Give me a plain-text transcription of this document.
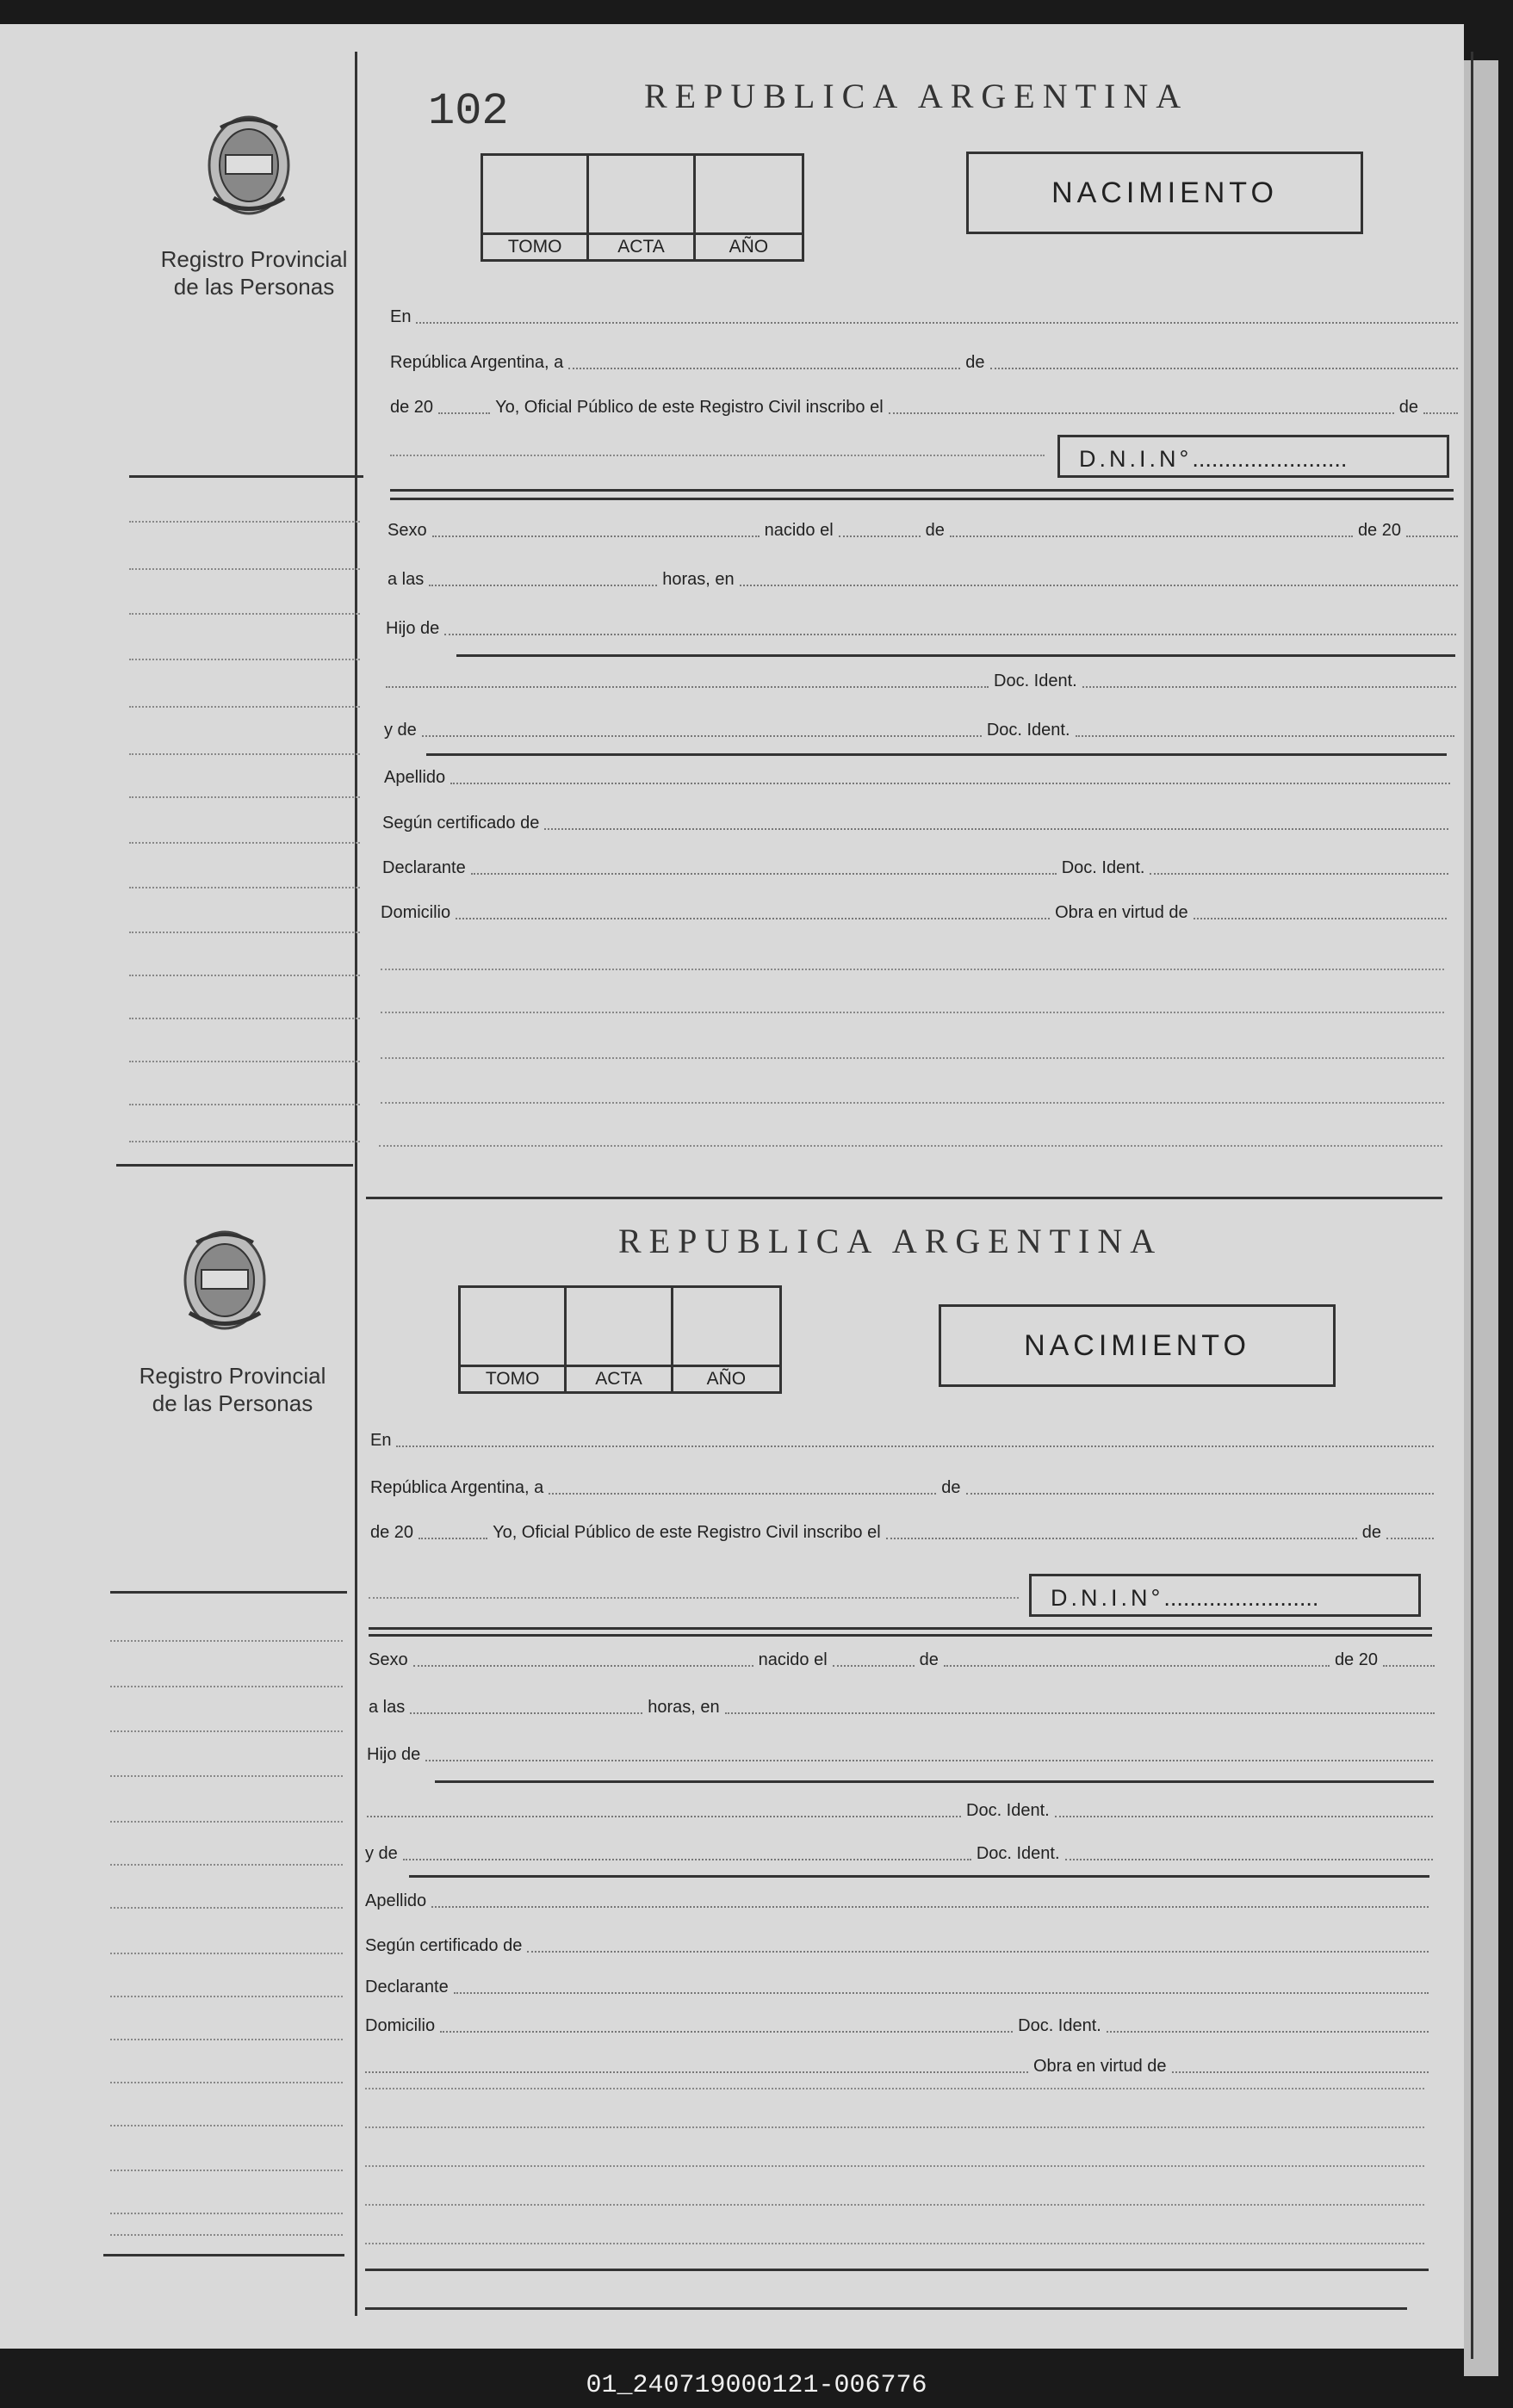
102
Registro Provincial
de las Personas
REPUBLICA ARGENTINA
TOMO	ACTA	AÑO
NACIMIENTO
En
República Argentina, a	de
de 20	Yo, Oficial Público de este Registro Civil inscribo el	de
D.N.I.N°........................
Sexo	nacido el	de	de 20
a las	horas, en
Hijo de
Doc. Ident.
y de	Doc. Ident.
Apellido
Según certificado de
Declarante	Doc. Ident.
Domicilio	Obra en virtud de
Registro Provincial
de las Personas
REPUBLICA ARGENTINA
TOMO	ACTA	AÑO
NACIMIENTO
En
República Argentina, a	de
de 20	Yo, Oficial Público de este Registro Civil inscribo el	de
D.N.I.N°........................
Sexo	nacido el	de	de 20
a las	horas, en
Hijo de
Doc. Ident.
y de	Doc. Ident.
Apellido
Según certificado de
Declarante
Domicilio	Doc. Ident.
Obra en virtud de
01_240719000121-006776
